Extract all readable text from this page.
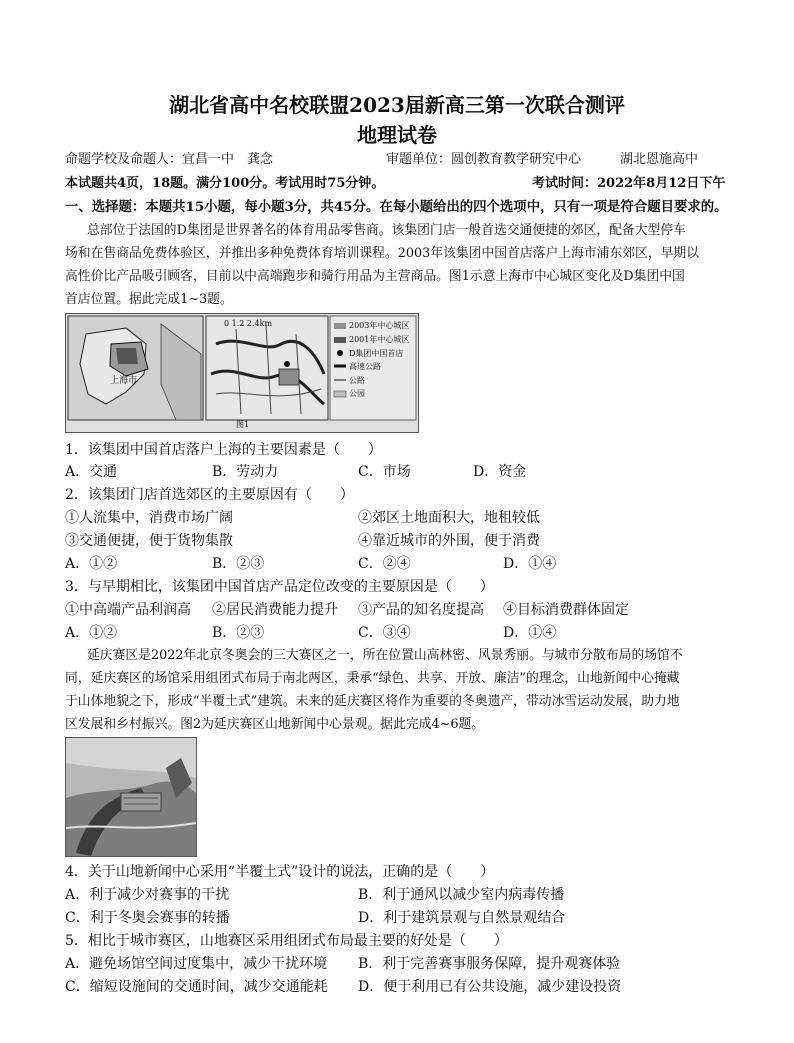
湖北省高中名校联盟2023届新高三第一次联合测评
地理试卷
命题学校及命题人：宜昌一中　龚念	审题单位：圆创教育教学研究中心　　　湖北恩施高中
本试题共4页，18题。满分100分。考试用时75分钟。	考试时间：2022年8月12日下午
一、选择题：本题共15小题，每小题3分，共45分。在每小题给出的四个选项中，只有一项是符合题目要求的。
总部位于法国的D集团是世界著名的体育用品零售商。该集团门店一般首选交通便捷的郊区，配备大型停车
场和在售商品免费体验区，并推出多种免费体育培训课程。2003年该集团中国首店落户上海市浦东郊区，早期以
高性价比产品吸引顾客，目前以中高端跑步和骑行用品为主营商品。图1示意上海市中心城区变化及D集团中国
首店位置。据此完成1~3题。
上海市
0 1.2 2.4km	2003年中心城区
2001年中心城区
D集团中国首店
高速公路
公路
公园
图1
1．该集团中国首店落户上海的主要因素是（　　）
A．交通	B．劳动力	C．市场	D．资金
2．该集团门店首选郊区的主要原因有（　　）
①人流集中，消费市场广阔	②郊区土地面积大，地租较低
③交通便捷，便于货物集散	④靠近城市的外围，便于消费
A．①②	B．②③	C．②④	D．①④
3．与早期相比，该集团中国首店产品定位改变的主要原因是（　　）
①中高端产品利润高 ②居民消费能力提升 ③产品的知名度提高 ④目标消费群体固定
A．①②	B．②③	C．③④	D．①④
延庆赛区是2022年北京冬奥会的三大赛区之一，所在位置山高林密、风景秀丽。与城市分散布局的场馆不
同，延庆赛区的场馆采用组团式布局于南北两区，秉承“绿色、共享、开放、廉洁”的理念，山地新闻中心掩藏
于山体地貌之下，形成“半覆土式”建筑。未来的延庆赛区将作为重要的冬奥遗产，带动冰雪运动发展，助力地
区发展和乡村振兴。图2为延庆赛区山地新闻中心景观。据此完成4~6题。
4．关于山地新闻中心采用“半覆土式”设计的说法，正确的是（　　）
A．利于减少对赛事的干扰	B．利于通风以减少室内病毒传播
C．利于冬奥会赛事的转播	D．利于建筑景观与自然景观结合
5．相比于城市赛区，山地赛区采用组团式布局最主要的好处是（　　）
A．避免场馆空间过度集中，减少干扰环境 B．利于完善赛事服务保障，提升观赛体验
C．缩短设施间的交通时间，减少交通能耗 D．便于利用已有公共设施，减少建设投资
